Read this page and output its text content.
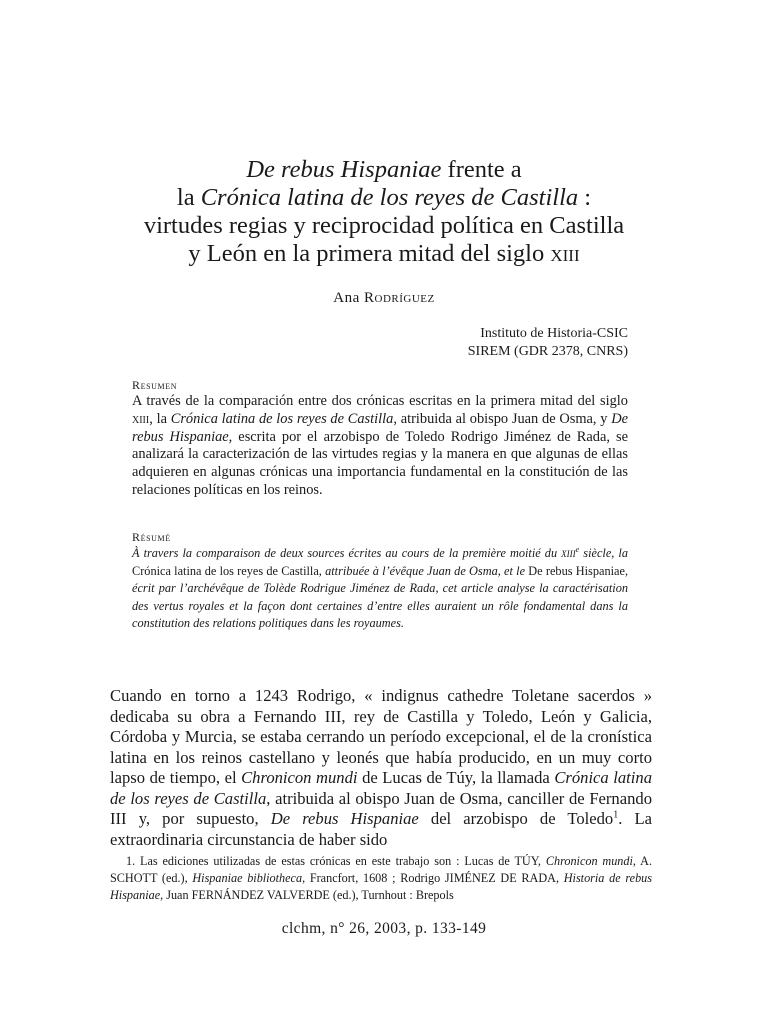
De rebus Hispaniae frente a
la Crónica latina de los reyes de Castilla :
virtudes regias y reciprocidad política en Castilla
y León en la primera mitad del siglo xiii
Ana Rodríguez
Instituto de Historia-CSIC
SIREM (GDR 2378, CNRS)
Resumen
A través de la comparación entre dos crónicas escritas en la primera mitad del siglo xiii, la Crónica latina de los reyes de Castilla, atribuida al obispo Juan de Osma, y De rebus Hispaniae, escrita por el arzobispo de Toledo Rodrigo Jiménez de Rada, se analizará la caracterización de las virtudes regias y la manera en que algunas de ellas adquieren en algunas crónicas una importancia fundamental en la constitución de las relaciones políticas en los reinos.
Résumé
À travers la comparaison de deux sources écrites au cours de la première moitié du xiii$^e$ siècle, la Crónica latina de los reyes de Castilla, attribuée à l’évêque Juan de Osma, et le De rebus Hispaniae, écrit par l’archévêque de Tolède Rodrigue Jiménez de Rada, cet article analyse la caractérisation des vertus royales et la façon dont certaines d’entre elles auraient un rôle fondamental dans la constitution des relations politiques dans les royaumes.
Cuando en torno a 1243 Rodrigo, « indignus cathedre Toletane sacerdos » dedicaba su obra a Fernando III, rey de Castilla y Toledo, León y Galicia, Córdoba y Murcia, se estaba cerrando un período excepcional, el de la cronística latina en los reinos castellano y leonés que había producido, en un muy corto lapso de tiempo, el Chronicon mundi de Lucas de Túy, la llamada Crónica latina de los reyes de Castilla, atribuida al obispo Juan de Osma, canciller de Fernando III y, por supuesto, De rebus Hispaniae del arzobispo de Toledo$^1$. La extraordinaria circunstancia de haber sido
1. Las ediciones utilizadas de estas crónicas en este trabajo son : Lucas de TÚY, Chronicon mundi, A. SCHOTT (ed.), Hispaniae bibliotheca, Francfort, 1608 ; Rodrigo JIMÉNEZ DE RADA, Historia de rebus Hispaniae, Juan FERNÁNDEZ VALVERDE (ed.), Turnhout : Brepols
clchm, n° 26, 2003, p. 133-149
